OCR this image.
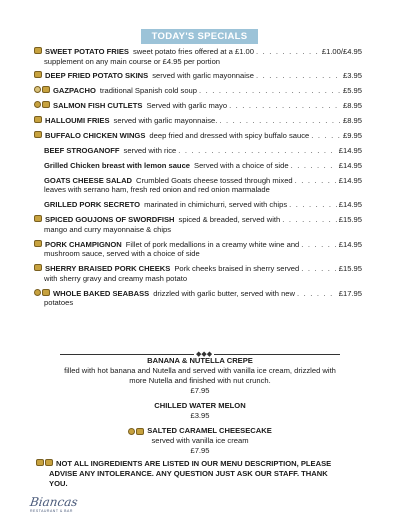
TODAY'S SPECIALS
SWEET POTATO FRIES sweet potato fries offered at a £1.00 . . .	£1.00/£4.95
supplement on any main course or £4.95 per portion
DEEP FRIED POTATO SKINS served with garlic mayonnaise . . .	£3.95
GAZPACHO traditional Spanish cold soup . . .	£5.95
SALMON FISH CUTLETS Served with garlic mayo . . .	£8.95
HALLOUMI FRIES served with garlic mayonnaise. . . .	£8.95
BUFFALO CHICKEN WINGS deep fried and dressed with spicy buffalo sauce . . .	£9.95
BEEF STROGANOFF served with rice . . .	£14.95
Grilled Chicken breast with lemon sauce Served with a choice of side . . .	£14.95
GOATS CHEESE SALAD Crumbled Goats cheese tossed through mixed . . .	£14.95
leaves with serrano ham, fresh red onion and red onion marmalade
GRILLED PORK SECRETO marinated in chimichurri, served with chips . . .	£14.95
SPICED GOUJONS OF SWORDFISH spiced & breaded, served with . . .	£15.95
mango and curry mayonnaise & chips
PORK CHAMPIGNON Fillet of pork medallions in a creamy white wine and . . .	£14.95
mushroom sauce, served with a choice of side
SHERRY BRAISED PORK CHEEKS Pork cheeks braised in sherry served . . .	£15.95
with sherry gravy and creamy mash potato
WHOLE BAKED SEABASS drizzled with garlic butter, served with new . . .	£17.95
potatoes
◆◆◆
BANANA & NUTELLA CREPE
filled with hot banana and Nutella and served with vanilla ice cream, drizzled with
more Nutella and finished with nut crunch.
£7.95
CHILLED WATER MELON
£3.95
SALTED CARAMEL CHEESECAKE
served with vanilla ice cream
£7.95
NOT ALL INGREDIENTS ARE LISTED IN OUR MENU DESCRIPTION, PLEASE
ADVISE ANY INTOLERANCE. ANY QUESTION JUST ASK OUR STAFF. THANK
YOU.
Biancas
RESTAURANT & BAR
